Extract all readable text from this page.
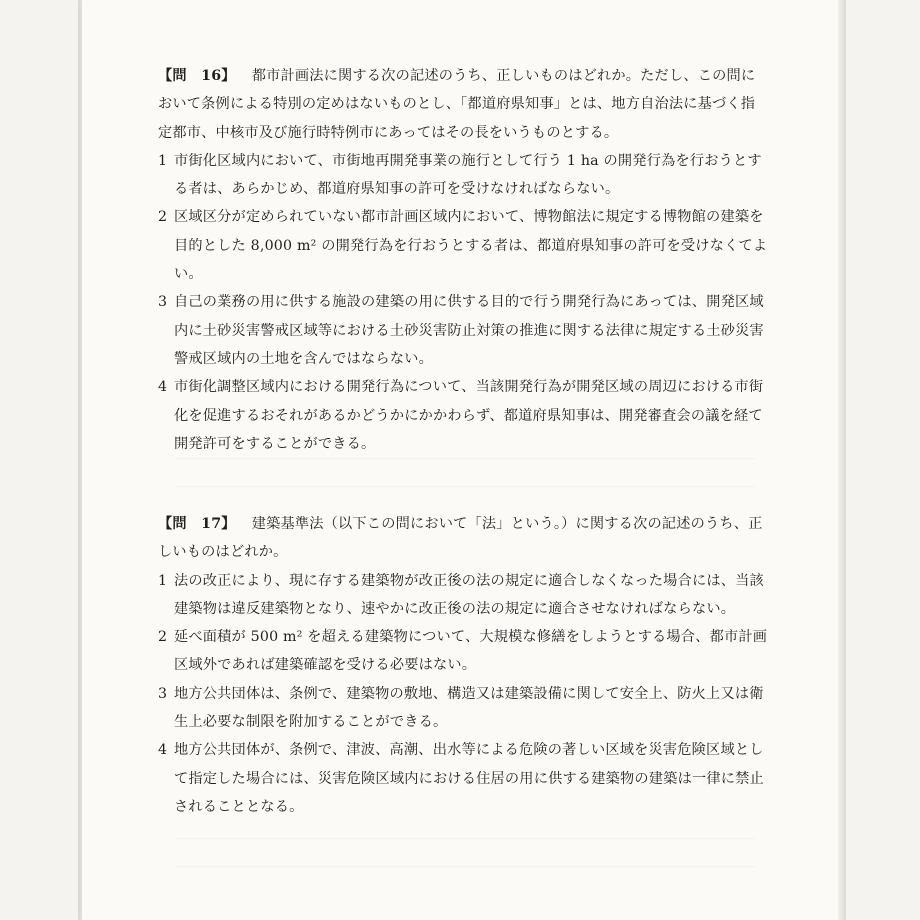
【問　16】 都市計画法に関する次の記述のうち、正しいものはどれか。ただし、この問において条例による特別の定めはないものとし、「都道府県知事」とは、地方自治法に基づく指定都市、中核市及び施行時特例市にあってはその長をいうものとする。

1 市街化区域内において、市街地再開発事業の施行として行う 1 ha の開発行為を行おうとする者は、あらかじめ、都道府県知事の許可を受けなければならない。
2 区域区分が定められていない都市計画区域内において、博物館法に規定する博物館の建築を目的とした 8,000 m² の開発行為を行おうとする者は、都道府県知事の許可を受けなくてよい。
3 自己の業務の用に供する施設の建築の用に供する目的で行う開発行為にあっては、開発区域内に土砂災害警戒区域等における土砂災害防止対策の推進に関する法律に規定する土砂災害警戒区域内の土地を含んではならない。
4 市街化調整区域内における開発行為について、当該開発行為が開発区域の周辺における市街化を促進するおそれがあるかどうかにかかわらず、都道府県知事は、開発審査会の議を経て開発許可をすることができる。

【問　17】 建築基準法（以下この問において「法」という。）に関する次の記述のうち、正しいものはどれか。

1 法の改正により、現に存する建築物が改正後の法の規定に適合しなくなった場合には、当該建築物は違反建築物となり、速やかに改正後の法の規定に適合させなければならない。
2 延べ面積が 500 m² を超える建築物について、大規模な修繕をしようとする場合、都市計画区域外であれば建築確認を受ける必要はない。
3 地方公共団体は、条例で、建築物の敷地、構造又は建築設備に関して安全上、防火上又は衛生上必要な制限を附加することができる。
4 地方公共団体が、条例で、津波、高潮、出水等による危険の著しい区域を災害危険区域として指定した場合には、災害危険区域内における住居の用に供する建築物の建築は一律に禁止されることとなる。
